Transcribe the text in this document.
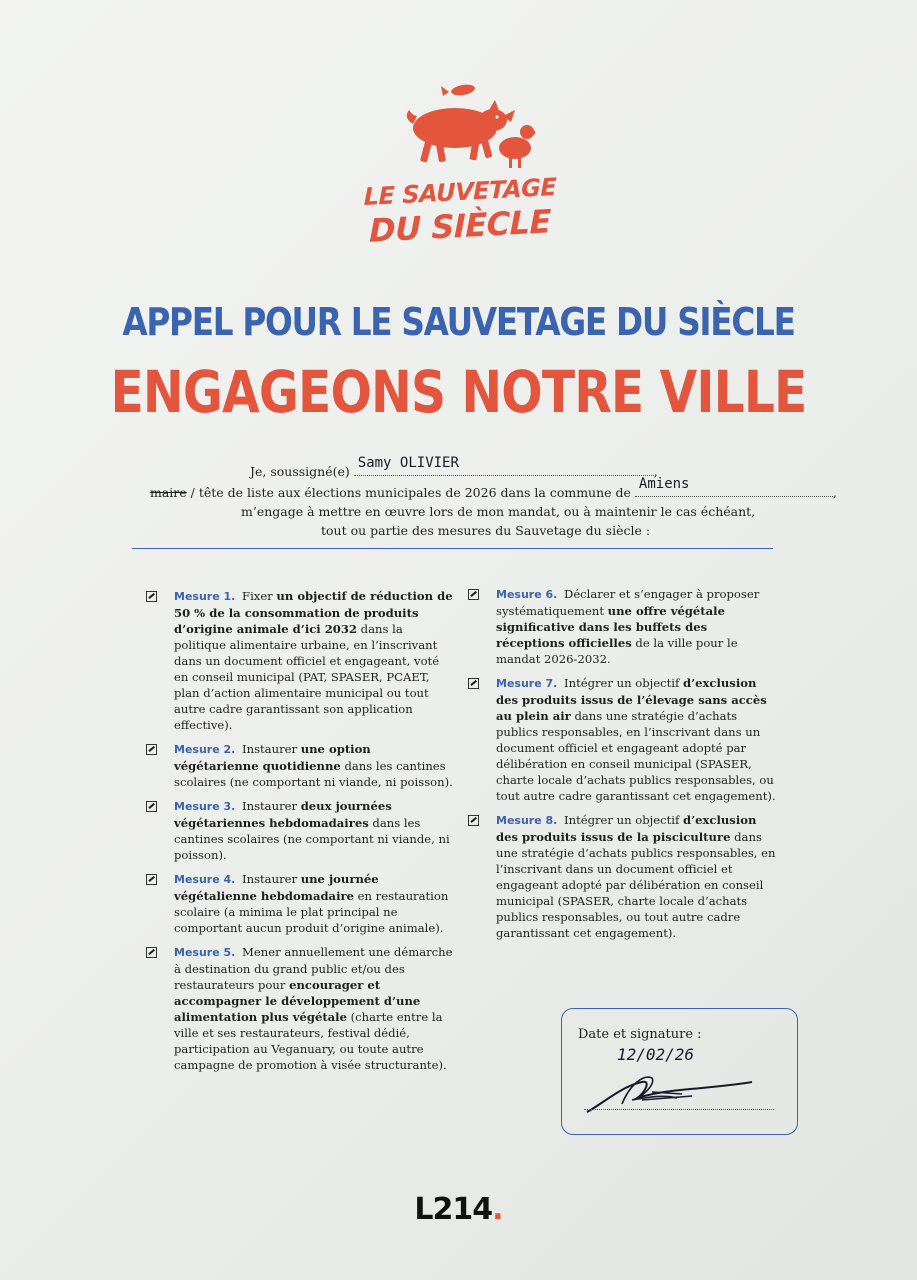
LE SAUVETAGE
DU SIÈCLE
APPEL POUR LE SAUVETAGE DU SIÈCLE
ENGAGEONS NOTRE VILLE
Je, soussigné(e)
Samy OLIVIER
,
maire / tête de liste aux élections municipales de 2026 dans la commune de
Amiens
,
m’engage à mettre en œuvre lors de mon mandat, ou à maintenir le cas échéant,
tout ou partie des mesures du Sauvetage du siècle :
Mesure 1. Fixer un objectif de réduction de 50 % de la consommation de produits d’origine animale d’ici 2032 dans la politique alimentaire urbaine, en l’inscrivant dans un document officiel et engageant, voté en conseil municipal (PAT, SPASER, PCAET, plan d’action alimentaire municipal ou tout autre cadre garantissant son application effective).
Mesure 2. Instaurer une option végétarienne quotidienne dans les cantines scolaires (ne comportant ni viande, ni poisson).
Mesure 3. Instaurer deux journées végétariennes hebdomadaires dans les cantines scolaires (ne comportant ni viande, ni poisson).
Mesure 4. Instaurer une journée végétalienne hebdomadaire en restauration scolaire (a minima le plat principal ne comportant aucun produit d’origine animale).
Mesure 5. Mener annuellement une démarche à destination du grand public et/ou des restaurateurs pour encourager et accompagner le développement d’une alimentation plus végétale (charte entre la ville et ses restaurateurs, festival dédié, participation au Veganuary, ou toute autre campagne de promotion à visée structurante).
Mesure 6. Déclarer et s’engager à proposer systématiquement une offre végétale significative dans les buffets des réceptions officielles de la ville pour le mandat 2026-2032.
Mesure 7. Intégrer un objectif d’exclusion des produits issus de l’élevage sans accès au plein air dans une stratégie d’achats publics responsables, en l’inscrivant dans un document officiel et engageant adopté par délibération en conseil municipal (SPASER, charte locale d’achats publics responsables, ou tout autre cadre garantissant cet engagement).
Mesure 8. Intégrer un objectif d’exclusion des produits issus de la pisciculture dans une stratégie d’achats publics responsables, en l’inscrivant dans un document officiel et engageant adopté par délibération en conseil municipal (SPASER, charte locale d’achats publics responsables, ou tout autre cadre garantissant cet engagement).
Date et signature :
12/02/26
L214.
